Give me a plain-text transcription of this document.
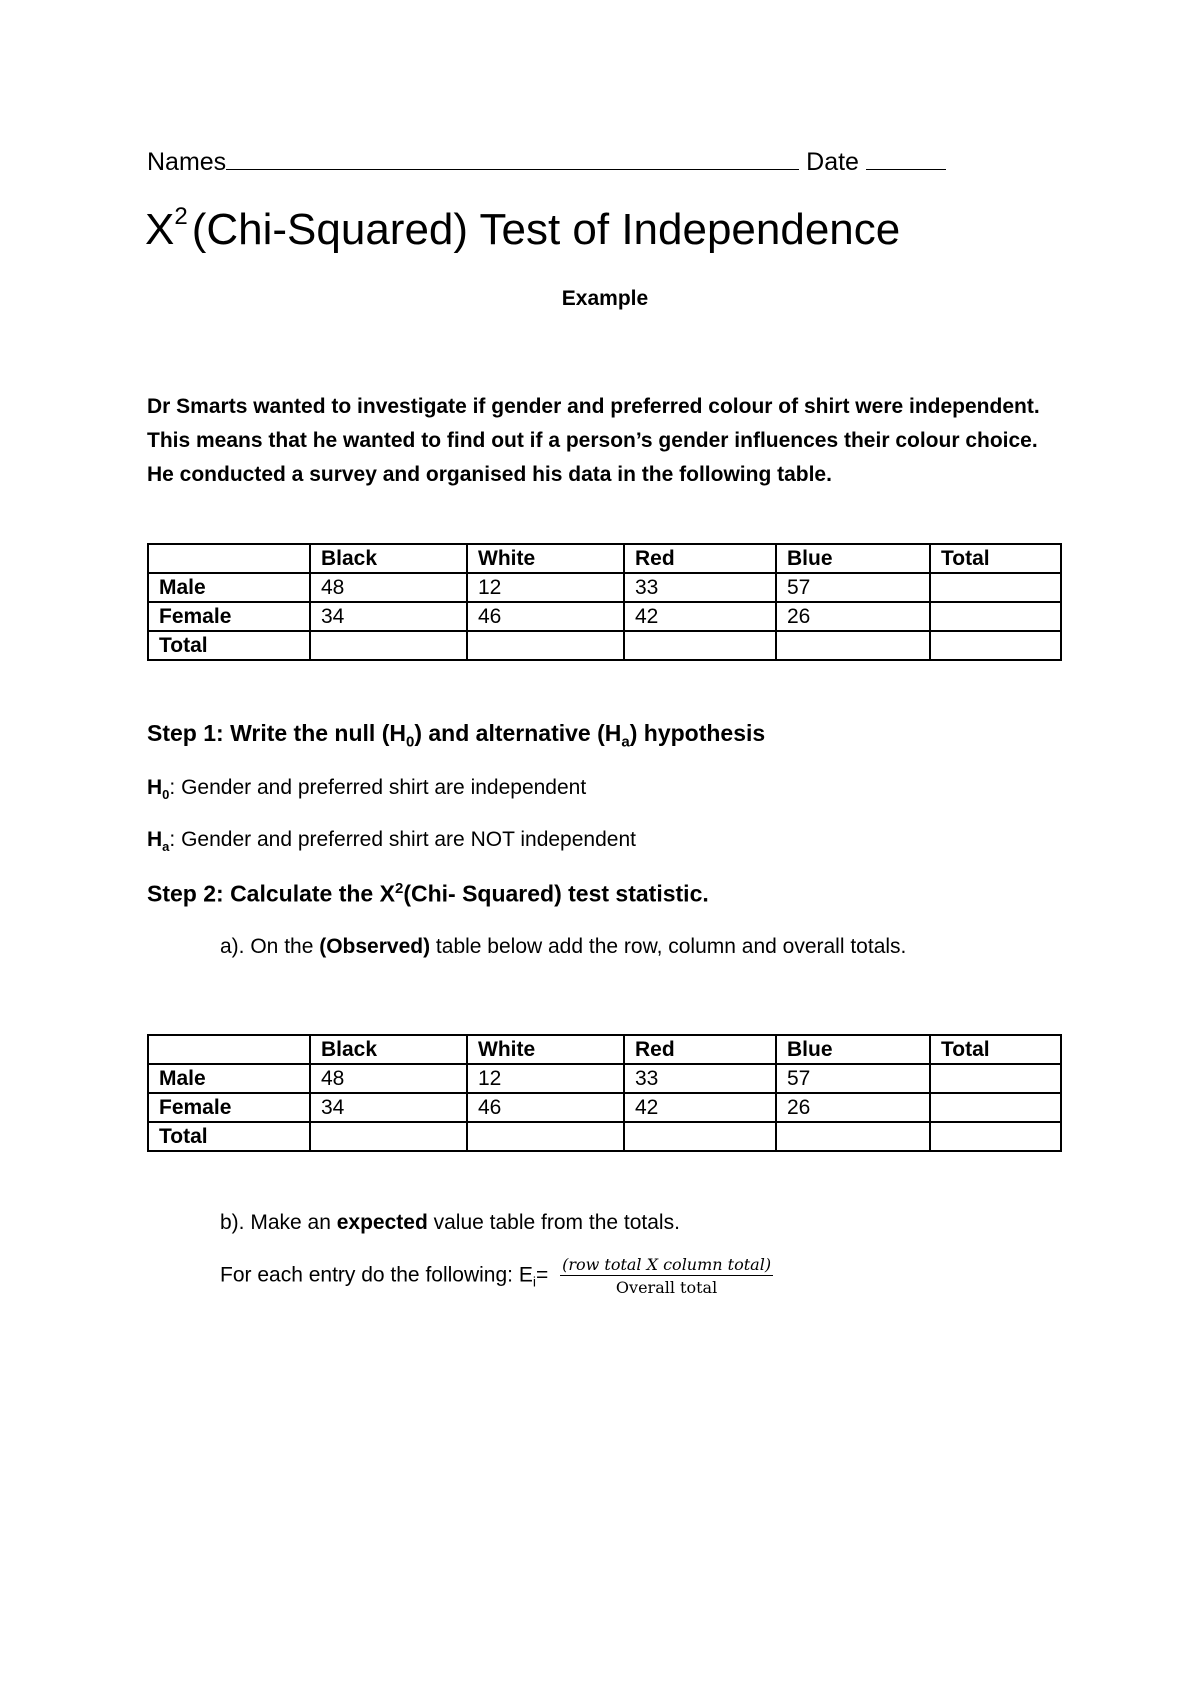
Names	Date
$X^2(Chi-Squared)$ Test of Independence
Example
Dr Smarts wanted to investigate if gender and preferred colour of shirt were independent. This means that he wanted to find out if a person’s gender influences their colour choice. He conducted a survey and organised his data in the following table.
	Black	White	Red	Blue	Total
Male	48	12	33	57	
Female	34	46	42	26	
Total					
Step 1: Write the null $(H_0)$ and alternative $(H_a)$ hypothesis
$H_0$: Gender and preferred shirt are independent
$H_a$: Gender and preferred shirt are NOT independent
Step 2: Calculate the $X^2(Chi-$ Squared) test statistic.
a). On the (Observed) table below add the row, column and overall totals.
	Black	White	Red	Blue	Total
Male	48	12	33	57	
Female	34	46	42	26	
Total					
b). Make an expected value table from the totals.
For each entry do the following: $E_i= \frac{\text{(row total X column total)}}{\text{Overall total}}$
